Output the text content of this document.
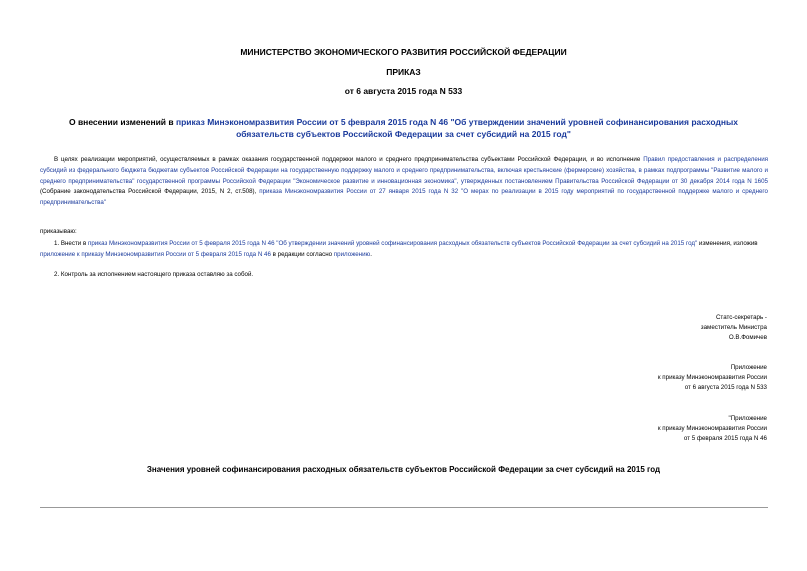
МИНИСТЕРСТВО ЭКОНОМИЧЕСКОГО РАЗВИТИЯ РОССИЙСКОЙ ФЕДЕРАЦИИ
ПРИКАЗ
от 6 августа 2015 года N 533
О внесении изменений в приказ Минэкономразвития России от 5 февраля 2015 года N 46 "Об утверждении значений уровней софинансирования расходных обязательств субъектов Российской Федерации за счет субсидий на 2015 год"

В целях реализации мероприятий, осуществляемых в рамках оказания государственной поддержки малого и среднего предпринимательства субъектами Российской Федерации, и во исполнение Правил предоставления и распределения субсидий из федерального бюджета бюджетам субъектов Российской Федерации на государственную поддержку малого и среднего предпринимательства, включая крестьянские (фермерские) хозяйства, в рамках подпрограммы "Развитие малого и среднего предпринимательства" государственной программы Российской Федерации "Экономическое развитие и инновационная экономика", утвержденных постановлением Правительства Российской Федерации от 30 декабря 2014 года N 1605 (Собрание законодательства Российской Федерации, 2015, N 2, ст.508), приказа Минэкономразвития России от 27 января 2015 года N 32 "О мерах по реализации в 2015 году мероприятий по государственной поддержке малого и среднего предпринимательства"

приказываю:

1. Внести в приказ Минэкономразвития России от 5 февраля 2015 года N 46 "Об утверждении значений уровней софинансирования расходных обязательств субъектов Российской Федерации за счет субсидий на 2015 год" изменения, изложив приложение к приказу Минэкономразвития России от 5 февраля 2015 года N 46 в редакции согласно приложению.

2. Контроль за исполнением настоящего приказа оставляю за собой.

Статс-секретарь -
заместитель Министра
О.В.Фомичев
Приложение
к приказу Минэкономразвития России
от 6 августа 2015 года N 533
"Приложение
к приказу Минэкономразвития России
от 5 февраля 2015 года N 46
Значения уровней софинансирования расходных обязательств субъектов Российской Федерации за счет субсидий на 2015 год
